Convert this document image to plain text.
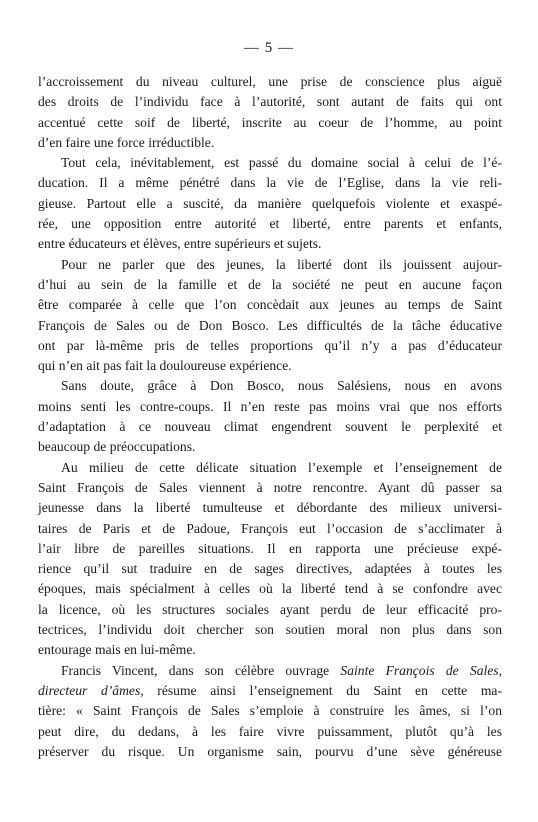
— 5 —
l’accroissement du niveau culturel, une prise de conscience plus aiguë
des droits de l’individu face à l’autorité, sont autant de faits qui ont
accentué cette soif de liberté, inscrite au coeur de l’homme, au point
d’en faire une force irréductible.
Tout cela, inévitablement, est passé du domaine social à celui de l’é-
ducation. Il a même pénétré dans la vie de l’Eglise, dans la vie reli-
gieuse. Partout elle a suscité, da manière quelquefois violente et exaspé-
rée, une opposition entre autorité et liberté, entre parents et enfants,
entre éducateurs et élèves, entre supérieurs et sujets.
Pour ne parler que des jeunes, la liberté dont ils jouissent aujour-
d’hui au sein de la famille et de la société ne peut en aucune façon
être comparée à celle que l’on concèdait aux jeunes au temps de Saint
François de Sales ou de Don Bosco. Les difficultés de la tâche éducative
ont par là-même pris de telles proportions qu’il n’y a pas d’éducateur
qui n’en ait pas fait la douloureuse expérience.
Sans doute, grâce à Don Bosco, nous Salésiens, nous en avons
moins senti les contre-coups. Il n’en reste pas moins vrai que nos efforts
d’adaptation à ce nouveau climat engendrent souvent le perplexité et
beaucoup de préoccupations.
Au milieu de cette délicate situation l’exemple et l’enseignement de
Saint François de Sales viennent à notre rencontre. Ayant dû passer sa
jeunesse dans la liberté tumulteuse et débordante des milieux universi-
taires de Paris et de Padoue, François eut l’occasion de s’acclimater à
l’air libre de pareilles situations. Il en rapporta une précieuse expé-
rience qu’il sut traduire en de sages directives, adaptées à toutes les
époques, mais spécialment à celles où la liberté tend à se confondre avec
la licence, où les structures sociales ayant perdu de leur efficacité pro-
tectrices, l’individu doit chercher son soutien moral non plus dans son
entourage mais en lui-même.
Francis Vincent, dans son célèbre ouvrage Sainte François de Sales,
directeur d’âmes, résume ainsi l’enseignement du Saint en cette ma-
tière: « Saint François de Sales s’emploie à construire les âmes, si l’on
peut dire, du dedans, à les faire vivre puissamment, plutôt qu’à les
préserver du risque. Un organisme sain, pourvu d’une sève généreuse
